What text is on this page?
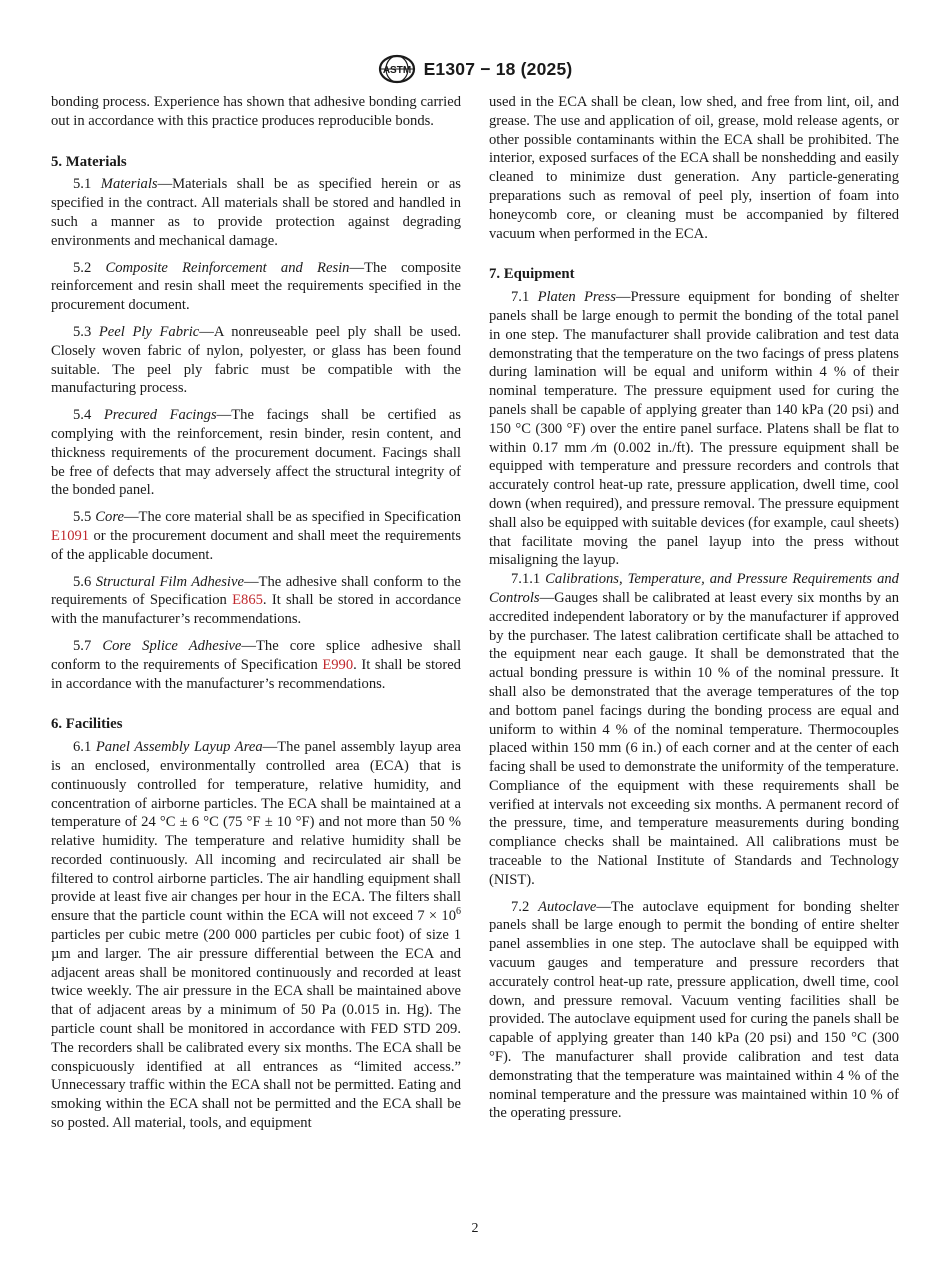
ASTM E1307 − 18 (2025)

bonding process. Experience has shown that adhesive bonding carried out in accordance with this practice produces reproducible bonds.

5. Materials

5.1 Materials—Materials shall be as specified herein or as specified in the contract. All materials shall be stored and handled in such a manner as to provide protection against degrading environments and mechanical damage.

5.2 Composite Reinforcement and Resin—The composite reinforcement and resin shall meet the requirements specified in the procurement document.

5.3 Peel Ply Fabric—A nonreuseable peel ply shall be used. Closely woven fabric of nylon, polyester, or glass has been found suitable. The peel ply fabric must be compatible with the manufacturing process.

5.4 Precured Facings—The facings shall be certified as complying with the reinforcement, resin binder, resin content, and thickness requirements of the procurement document. Facings shall be free of defects that may adversely affect the structural integrity of the bonded panel.

5.5 Core—The core material shall be as specified in Specification E1091 or the procurement document and shall meet the requirements of the applicable document.

5.6 Structural Film Adhesive—The adhesive shall conform to the requirements of Specification E865. It shall be stored in accordance with the manufacturer’s recommendations.

5.7 Core Splice Adhesive—The core splice adhesive shall conform to the requirements of Specification E990. It shall be stored in accordance with the manufacturer’s recommendations.

6. Facilities

6.1 Panel Assembly Layup Area—The panel assembly layup area is an enclosed, environmentally controlled area (ECA) that is continuously controlled for temperature, relative humidity, and concentration of airborne particles. The ECA shall be maintained at a temperature of 24 °C ± 6 °C (75 °F ± 10 °F) and not more than 50 % relative humidity. The temperature and relative humidity shall be recorded continuously. All incoming and recirculated air shall be filtered to control airborne particles. The air handling equipment shall provide at least five air changes per hour in the ECA. The filters shall ensure that the particle count within the ECA will not exceed $7 \times 10^6$ particles per cubic metre (200 000 particles per cubic foot) of size 1 µm and larger. The air pressure differential between the ECA and adjacent areas shall be monitored continuously and recorded at least twice weekly. The air pressure in the ECA shall be maintained above that of adjacent areas by a minimum of 50 Pa (0.015 in. Hg). The particle count shall be monitored in accordance with FED STD 209. The recorders shall be calibrated every six months. The ECA shall be conspicuously identified at all entrances as “limited access.” Unnecessary traffic within the ECA shall not be permitted. Eating and smoking within the ECA shall not be permitted and the ECA shall be so posted. All material, tools, and equipment

used in the ECA shall be clean, low shed, and free from lint, oil, and grease. The use and application of oil, grease, mold release agents, or other possible contaminants within the ECA shall be prohibited. The interior, exposed surfaces of the ECA shall be nonshedding and easily cleaned to minimize dust generation. Any particle-generating preparations such as removal of peel ply, insertion of foam into honeycomb core, or cleaning must be accompanied by filtered vacuum when performed in the ECA.

7. Equipment

7.1 Platen Press—Pressure equipment for bonding of shelter panels shall be large enough to permit the bonding of the total panel in one step. The manufacturer shall provide calibration and test data demonstrating that the temperature on the two facings of press platens during lamination will be equal and uniform within 4 % of their nominal temperature. The pressure equipment used for curing the panels shall be capable of applying greater than 140 kPa (20 psi) and 150 °C (300 °F) over the entire panel surface. Platens shall be flat to within 0.17 mm ⁄m (0.002 in./ft). The pressure equipment shall be equipped with temperature and pressure recorders and controls that accurately control heat-up rate, pressure application, dwell time, cool down (when required), and pressure removal. The pressure equipment shall also be equipped with suitable devices (for example, caul sheets) that facilitate moving the panel layup into the press without misaligning the layup.

7.1.1 Calibrations, Temperature, and Pressure Requirements and Controls—Gauges shall be calibrated at least every six months by an accredited independent laboratory or by the manufacturer if approved by the purchaser. The latest calibration certificate shall be attached to the equipment near each gauge. It shall be demonstrated that the actual bonding pressure is within 10 % of the nominal pressure. It shall also be demonstrated that the average temperatures of the top and bottom panel facings during the bonding process are equal and uniform to within 4 % of the nominal temperature. Thermocouples placed within 150 mm (6 in.) of each corner and at the center of each facing shall be used to demonstrate the uniformity of the temperature. Compliance of the equipment with these requirements shall be verified at intervals not exceeding six months. A permanent record of the pressure, time, and temperature measurements during bonding compliance checks shall be maintained. All calibrations must be traceable to the National Institute of Standards and Technology (NIST).

7.2 Autoclave—The autoclave equipment for bonding shelter panels shall be large enough to permit the bonding of entire shelter panel assemblies in one step. The autoclave shall be equipped with vacuum gauges and temperature and pressure recorders that accurately control heat-up rate, pressure application, dwell time, cool down, and pressure removal. Vacuum venting facilities shall be provided. The autoclave equipment used for curing the panels shall be capable of applying greater than 140 kPa (20 psi) and 150 °C (300 °F). The manufacturer shall provide calibration and test data demonstrating that the temperature was maintained within 4 % of the nominal temperature and the pressure was maintained within 10 % of the operating pressure.

2
